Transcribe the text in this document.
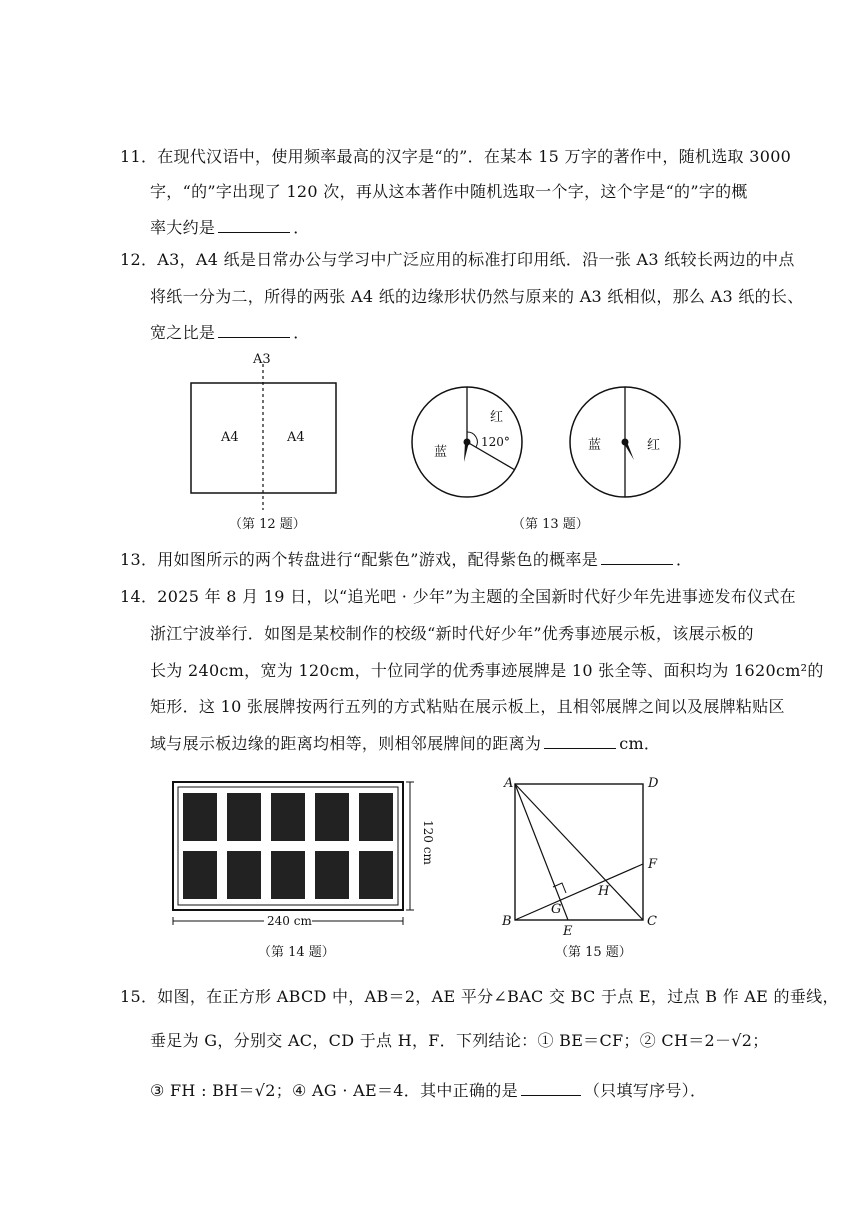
11．在现代汉语中，使用频率最高的汉字是“的”．在某本 15 万字的著作中，随机选取 3000
字，“的”字出现了 120 次，再从这本著作中随机选取一个字，这个字是“的”字的概
率大约是	．
12．A3，A4 纸是日常办公与学习中广泛应用的标准打印用纸．沿一张 A3 纸较长两边的中点
将纸一分为二，所得的两张 A4 纸的边缘形状仍然与原来的 A3 纸相似，那么 A3 纸的长、
宽之比是	．
A3
A4	A4
（第 12 题）
蓝
红
120°	蓝	红
（第 13 题）
13．用如图所示的两个转盘进行“配紫色”游戏，配得紫色的概率是	．
14．2025 年 8 月 19 日，以“追光吧 · 少年”为主题的全国新时代好少年先进事迹发布仪式在
浙江宁波举行．如图是某校制作的校级“新时代好少年”优秀事迹展示板，该展示板的
长为 240cm，宽为 120cm，十位同学的优秀事迹展牌是 10 张全等、面积均为 1620cm²的
矩形．这 10 张展牌按两行五列的方式粘贴在展示板上，且相邻展牌之间以及展牌粘贴区
域与展示板边缘的距离均相等，则相邻展牌间的距离为	cm．
120 cm
240 cm
（第 14 题）
A	D
B	C
E
F
G
H
（第 15 题）
15．如图，在正方形 ABCD 中，AB＝2，AE 平分∠BAC 交 BC 于点 E，过点 B 作 AE 的垂线，
垂足为 G，分别交 AC，CD 于点 H，F．下列结论：① BE＝CF；② CH＝2－√2；
③ FH : BH＝√2；④ AG · AE＝4．其中正确的是	（只填写序号）．
